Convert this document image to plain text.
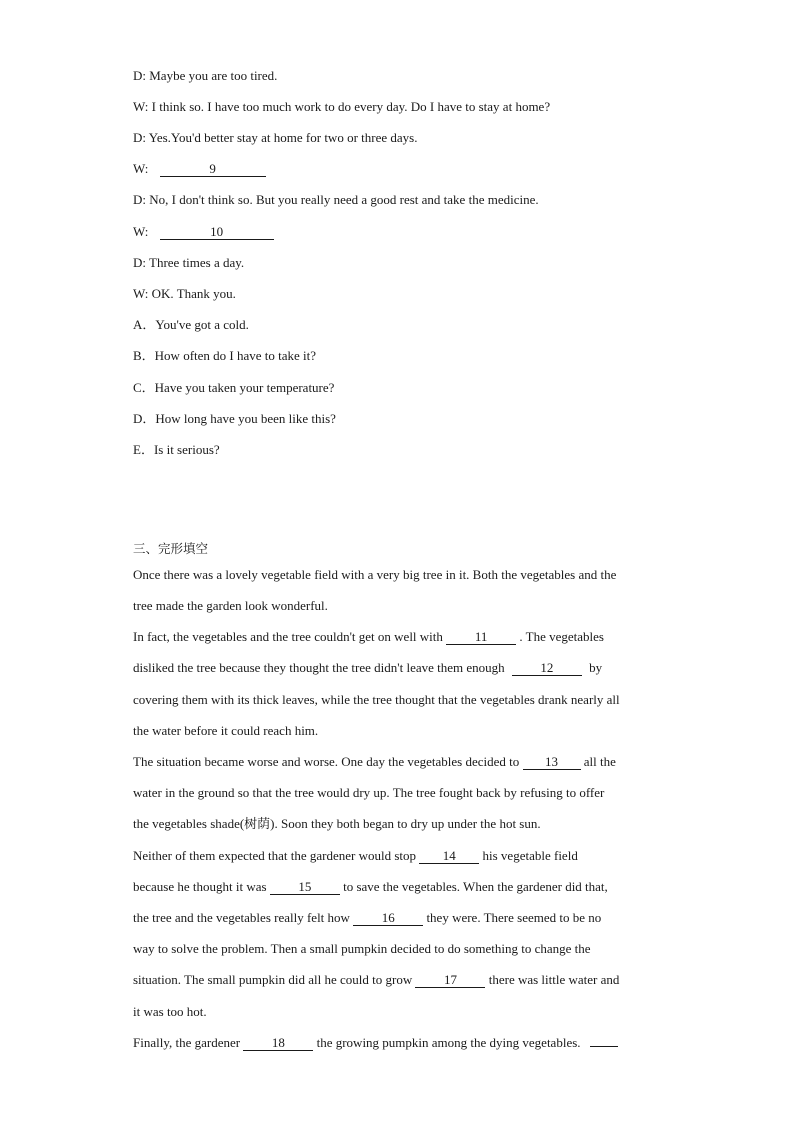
D: Maybe you are too tired.
W: I think so. I have too much work to do every day. Do I have to stay at home?
D: Yes.You'd better stay at home for two or three days.
W:	9
D: No, I don't think so. But you really need a good rest and take the medicine.
W:	10
D: Three times a day.
W: OK. Thank you.
A．You've got a cold.
B．How often do I have to take it?
C．Have you taken your temperature?
D．How long have you been like this?
E．Is it serious?
三、完形填空
Once there was a lovely vegetable field with a very big tree in it. Both the vegetables and the
tree made the garden look wonderful.
In fact, the vegetables and the tree couldn't get on well with 11 . The vegetables
disliked the tree because they thought the tree didn't leave them enough	12	by
covering them with its thick leaves, while the tree thought that the vegetables drank nearly all
the water before it could reach him.
The situation became worse and worse. One day the vegetables decided to 13 all the
water in the ground so that the tree would dry up. The tree fought back by refusing to offer
the vegetables shade(树荫). Soon they both began to dry up under the hot sun.
Neither of them expected that the gardener would stop 14 his vegetable field
because he thought it was 15 to save the vegetables. When the gardener did that,
the tree and the vegetables really felt how 16 they were. There seemed to be no
way to solve the problem. Then a small pumpkin decided to do something to change the
situation. The small pumpkin did all he could to grow 17 there was little water and
it was too hot.
Finally, the gardener 18 the growing pumpkin among the dying vegetables.
